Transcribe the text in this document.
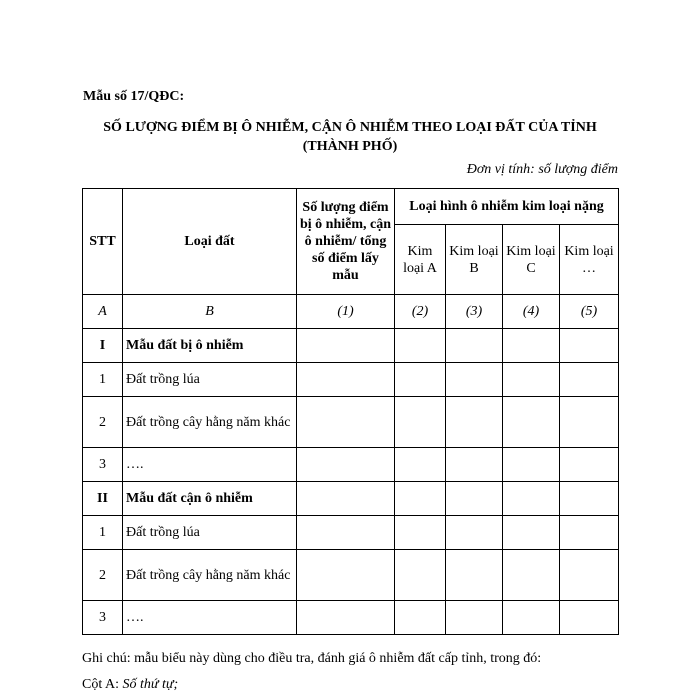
Mẫu số 17/QĐC:
SỐ LƯỢNG ĐIỂM BỊ Ô NHIỄM, CẬN Ô NHIỄM THEO LOẠI ĐẤT CỦA TỈNH
(THÀNH PHỐ)
Đơn vị tính: số lượng điểm
STT	Loại đất	Số lượng điểm bị ô nhiễm, cận ô nhiễm/ tổng số điểm lấy mẫu	Loại hình ô nhiễm kim loại nặng			
			Kim loại A	Kim loại B	Kim loại C	Kim loại …
A	B	(1)	(2)	(3)	(4)	(5)
I	Mẫu đất bị ô nhiễm					
1	Đất trồng lúa					
2	Đất trồng cây hằng năm khác					
3	….					
II	Mẫu đất cận ô nhiễm					
1	Đất trồng lúa					
2	Đất trồng cây hằng năm khác					
3	….					
Ghi chú: mẫu biểu này dùng cho điều tra, đánh giá ô nhiễm đất cấp tỉnh, trong đó:
Cột A: Số thứ tự;
